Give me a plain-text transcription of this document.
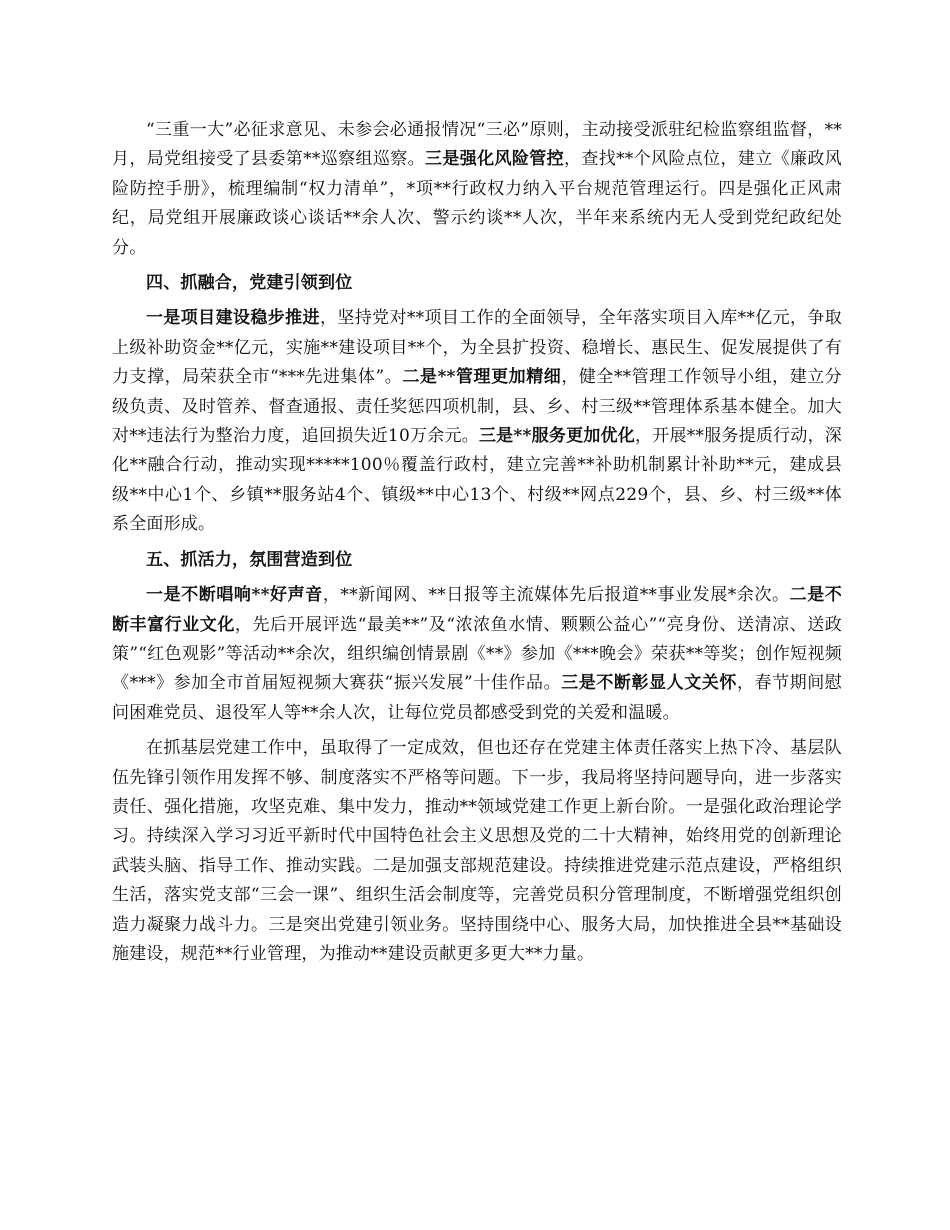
“三重一大”必征求意见、未参会必通报情况“三必”原则，主动接受派驻纪检监察组监督，**月，局党组接受了县委第**巡察组巡察。三是强化风险管控，查找**个风险点位，建立《廉政风险防控手册》，梳理编制“权力清单”，*项**行政权力纳入平台规范管理运行。四是强化正风肃纪，局党组开展廉政谈心谈话**余人次、警示约谈**人次，半年来系统内无人受到党纪政纪处分。

四、抓融合，党建引领到位

一是项目建设稳步推进，坚持党对**项目工作的全面领导，全年落实项目入库**亿元，争取上级补助资金**亿元，实施**建设项目**个，为全县扩投资、稳增长、惠民生、促发展提供了有力支撑，局荣获全市“***先进集体”。二是**管理更加精细，健全**管理工作领导小组，建立分级负责、及时管养、督查通报、责任奖惩四项机制，县、乡、村三级**管理体系基本健全。加大对**违法行为整治力度，追回损失近10万余元。三是**服务更加优化，开展**服务提质行动，深化**融合行动，推动实现*****100％覆盖行政村，建立完善**补助机制累计补助**元，建成县级**中心1个、乡镇**服务站4个、镇级**中心13个、村级**网点229个，县、乡、村三级**体系全面形成。

五、抓活力，氛围营造到位

一是不断唱响**好声音，**新闻网、**日报等主流媒体先后报道**事业发展*余次。二是不断丰富行业文化，先后开展评选“最美**”及“浓浓鱼水情、颗颗公益心”“亮身份、送清凉、送政策”“红色观影”等活动**余次，组织编创情景剧《**》参加《***晚会》荣获**等奖；创作短视频《***》参加全市首届短视频大赛获“振兴发展”十佳作品。三是不断彰显人文关怀，春节期间慰问困难党员、退役军人等**余人次，让每位党员都感受到党的关爱和温暖。

在抓基层党建工作中，虽取得了一定成效，但也还存在党建主体责任落实上热下冷、基层队伍先锋引领作用发挥不够、制度落实不严格等问题。下一步，我局将坚持问题导向，进一步落实责任、强化措施，攻坚克难、集中发力，推动**领域党建工作更上新台阶。一是强化政治理论学习。持续深入学习习近平新时代中国特色社会主义思想及党的二十大精神，始终用党的创新理论武装头脑、指导工作、推动实践。二是加强支部规范建设。持续推进党建示范点建设，严格组织生活，落实党支部“三会一课”、组织生活会制度等，完善党员积分管理制度，不断增强党组织创造力凝聚力战斗力。三是突出党建引领业务。坚持围绕中心、服务大局，加快推进全县**基础设施建设，规范**行业管理，为推动**建设贡献更多更大**力量。
